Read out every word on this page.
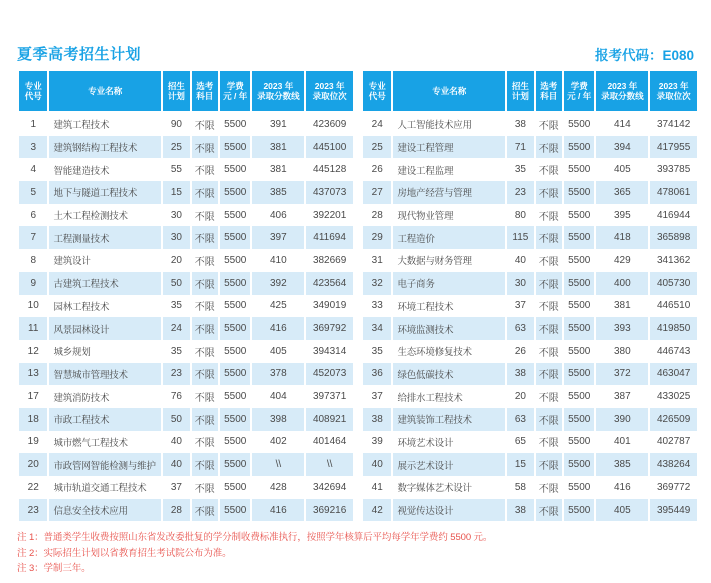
夏季高考招生计划	报考代码：E080
专业
代号

专业名称

招生
计划

选考
科目

学费
元 / 年

2023 年
录取分数线

2023 年
录取位次

1	建筑工程技术	90	不限	5500	391	423609
3	建筑钢结构工程技术	25	不限	5500	381	445100
4	智能建造技术	55	不限	5500	381	445128
5	地下与隧道工程技术	15	不限	5500	385	437073
6	土木工程检测技术	30	不限	5500	406	392201
7	工程测量技术	30	不限	5500	397	411694
8	建筑设计	20	不限	5500	410	382669
9	古建筑工程技术	50	不限	5500	392	423564
10	园林工程技术	35	不限	5500	425	349019
11	风景园林设计	24	不限	5500	416	369792
12	城乡规划	35	不限	5500	405	394314
13	智慧城市管理技术	23	不限	5500	378	452073
17	建筑消防技术	76	不限	5500	404	397371
18	市政工程技术	50	不限	5500	398	408921
19	城市燃气工程技术	40	不限	5500	402	401464
20	市政管网智能检测与维护	40	不限	5500	\\	\\
22	城市轨道交通工程技术	37	不限	5500	428	342694
23	信息安全技术应用	28	不限	5500	416	369216
专业
代号

专业名称

招生
计划

选考
科目

学费
元 / 年

2023 年
录取分数线

2023 年
录取位次

24	人工智能技术应用	38	不限	5500	414	374142
25	建设工程管理	71	不限	5500	394	417955
26	建设工程监理	35	不限	5500	405	393785
27	房地产经营与管理	23	不限	5500	365	478061
28	现代物业管理	80	不限	5500	395	416944
29	工程造价	115	不限	5500	418	365898
31	大数据与财务管理	40	不限	5500	429	341362
32	电子商务	30	不限	5500	400	405730
33	环境工程技术	37	不限	5500	381	446510
34	环境监测技术	63	不限	5500	393	419850
35	生态环境修复技术	26	不限	5500	380	446743
36	绿色低碳技术	38	不限	5500	372	463047
37	给排水工程技术	20	不限	5500	387	433025
38	建筑装饰工程技术	63	不限	5500	390	426509
39	环境艺术设计	65	不限	5500	401	402787
40	展示艺术设计	15	不限	5500	385	438264
41	数字媒体艺术设计	58	不限	5500	416	369772
42	视觉传达设计	38	不限	5500	405	395449
注 1：普通类学生收费按照山东省发改委批复的学分制收费标准执行，按照学年核算后平均每学年学费约 5500 元。
注 2：实际招生计划以省教育招生考试院公布为准。
注 3：学制三年。
